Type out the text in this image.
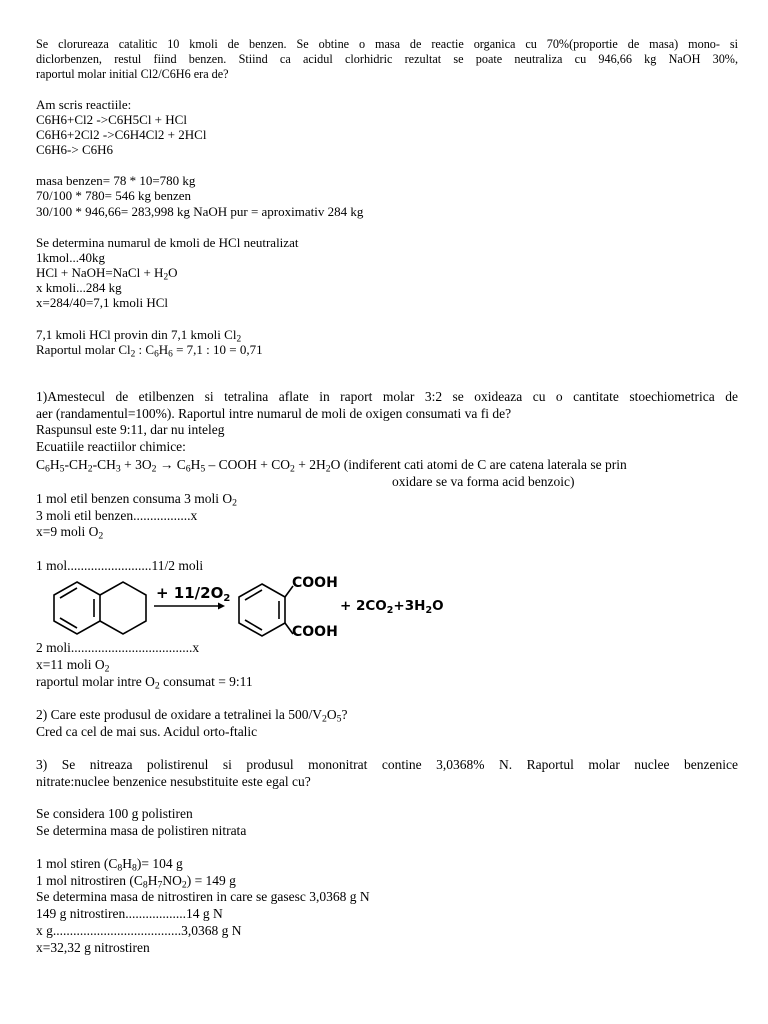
Se clorureaza catalitic 10 kmoli de benzen. Se obtine o masa de reactie organica cu 70%(proportie de masa) mono- si

diclorbenzen, restul fiind benzen. Stiind ca acidul clorhidric rezultat se poate neutraliza cu 946,66 kg NaOH 30%,

raportul molar initial Cl2/C6H6 era de?

Am scris reactiile:

C6H6+Cl2 ->C6H5Cl + HCl

C6H6+2Cl2 ->C6H4Cl2 + 2HCl

C6H6-> C6H6

masa benzen= 78 * 10=780 kg

70/100 * 780= 546 kg benzen

30/100 * 946,66= 283,998 kg NaOH pur = aproximativ 284 kg

Se determina numarul de kmoli de HCl neutralizat

1kmol...40kg

HCl + NaOH=NaCl + $H_2O$

x kmoli...284 kg

x=284/40=7,1 kmoli HCl

7,1 kmoli HCl provin din 7,1 kmoli $Cl_2$

Raportul molar $Cl_2$ : $C_6H_6 = 7,1$ : 10 = 0,71

1)Amestecul de etilbenzen si tetralina aflate in raport molar 3:2 se oxideaza cu o cantitate stoechiometrica de

aer (randamentul=100%). Raportul intre numarul de moli de oxigen consumati va fi de?

Raspunsul este 9:11, dar nu inteleg

Ecuatiile reactiilor chimice:

$C_6H_5-CH_2-CH_3 + 3O_2 \to C_6H_5$ – COOH + $CO_2 + 2H_2O$ (indiferent cati atomi de C are catena laterala se prin

oxidare se va forma acid benzoic)

1 mol etil benzen consuma 3 moli $O_2$

3 moli etil benzen.................x

x=9 moli $O_2$

1 mol.........................11/2 moli

+ $11/2O_2$
COOH
COOH
+ $2CO_2+3H_2O$

2 moli....................................x

x=11 moli $O_2$

raportul molar intre $O_2$ consumat = 9:11

2) Care este produsul de oxidare a tetralinei la $500/V_2O_5$?

Cred ca cel de mai sus. Acidul orto-ftalic

3) Se nitreaza polistirenul si produsul mononitrat contine 3,0368% N. Raportul molar nuclee benzenice

nitrate:nuclee benzenice nesubstituite este egal cu?

Se considera 100 g polistiren

Se determina masa de polistiren nitrata

1 mol stiren $(C_8H_8)= 104$ g

1 mol nitrostiren $(C_8H_7NO_2) = 149$ g

Se determina masa de nitrostiren in care se gasesc 3,0368 g N

149 g nitrostiren..................14 g N

x g......................................3,0368 g N

x=32,32 g nitrostiren
